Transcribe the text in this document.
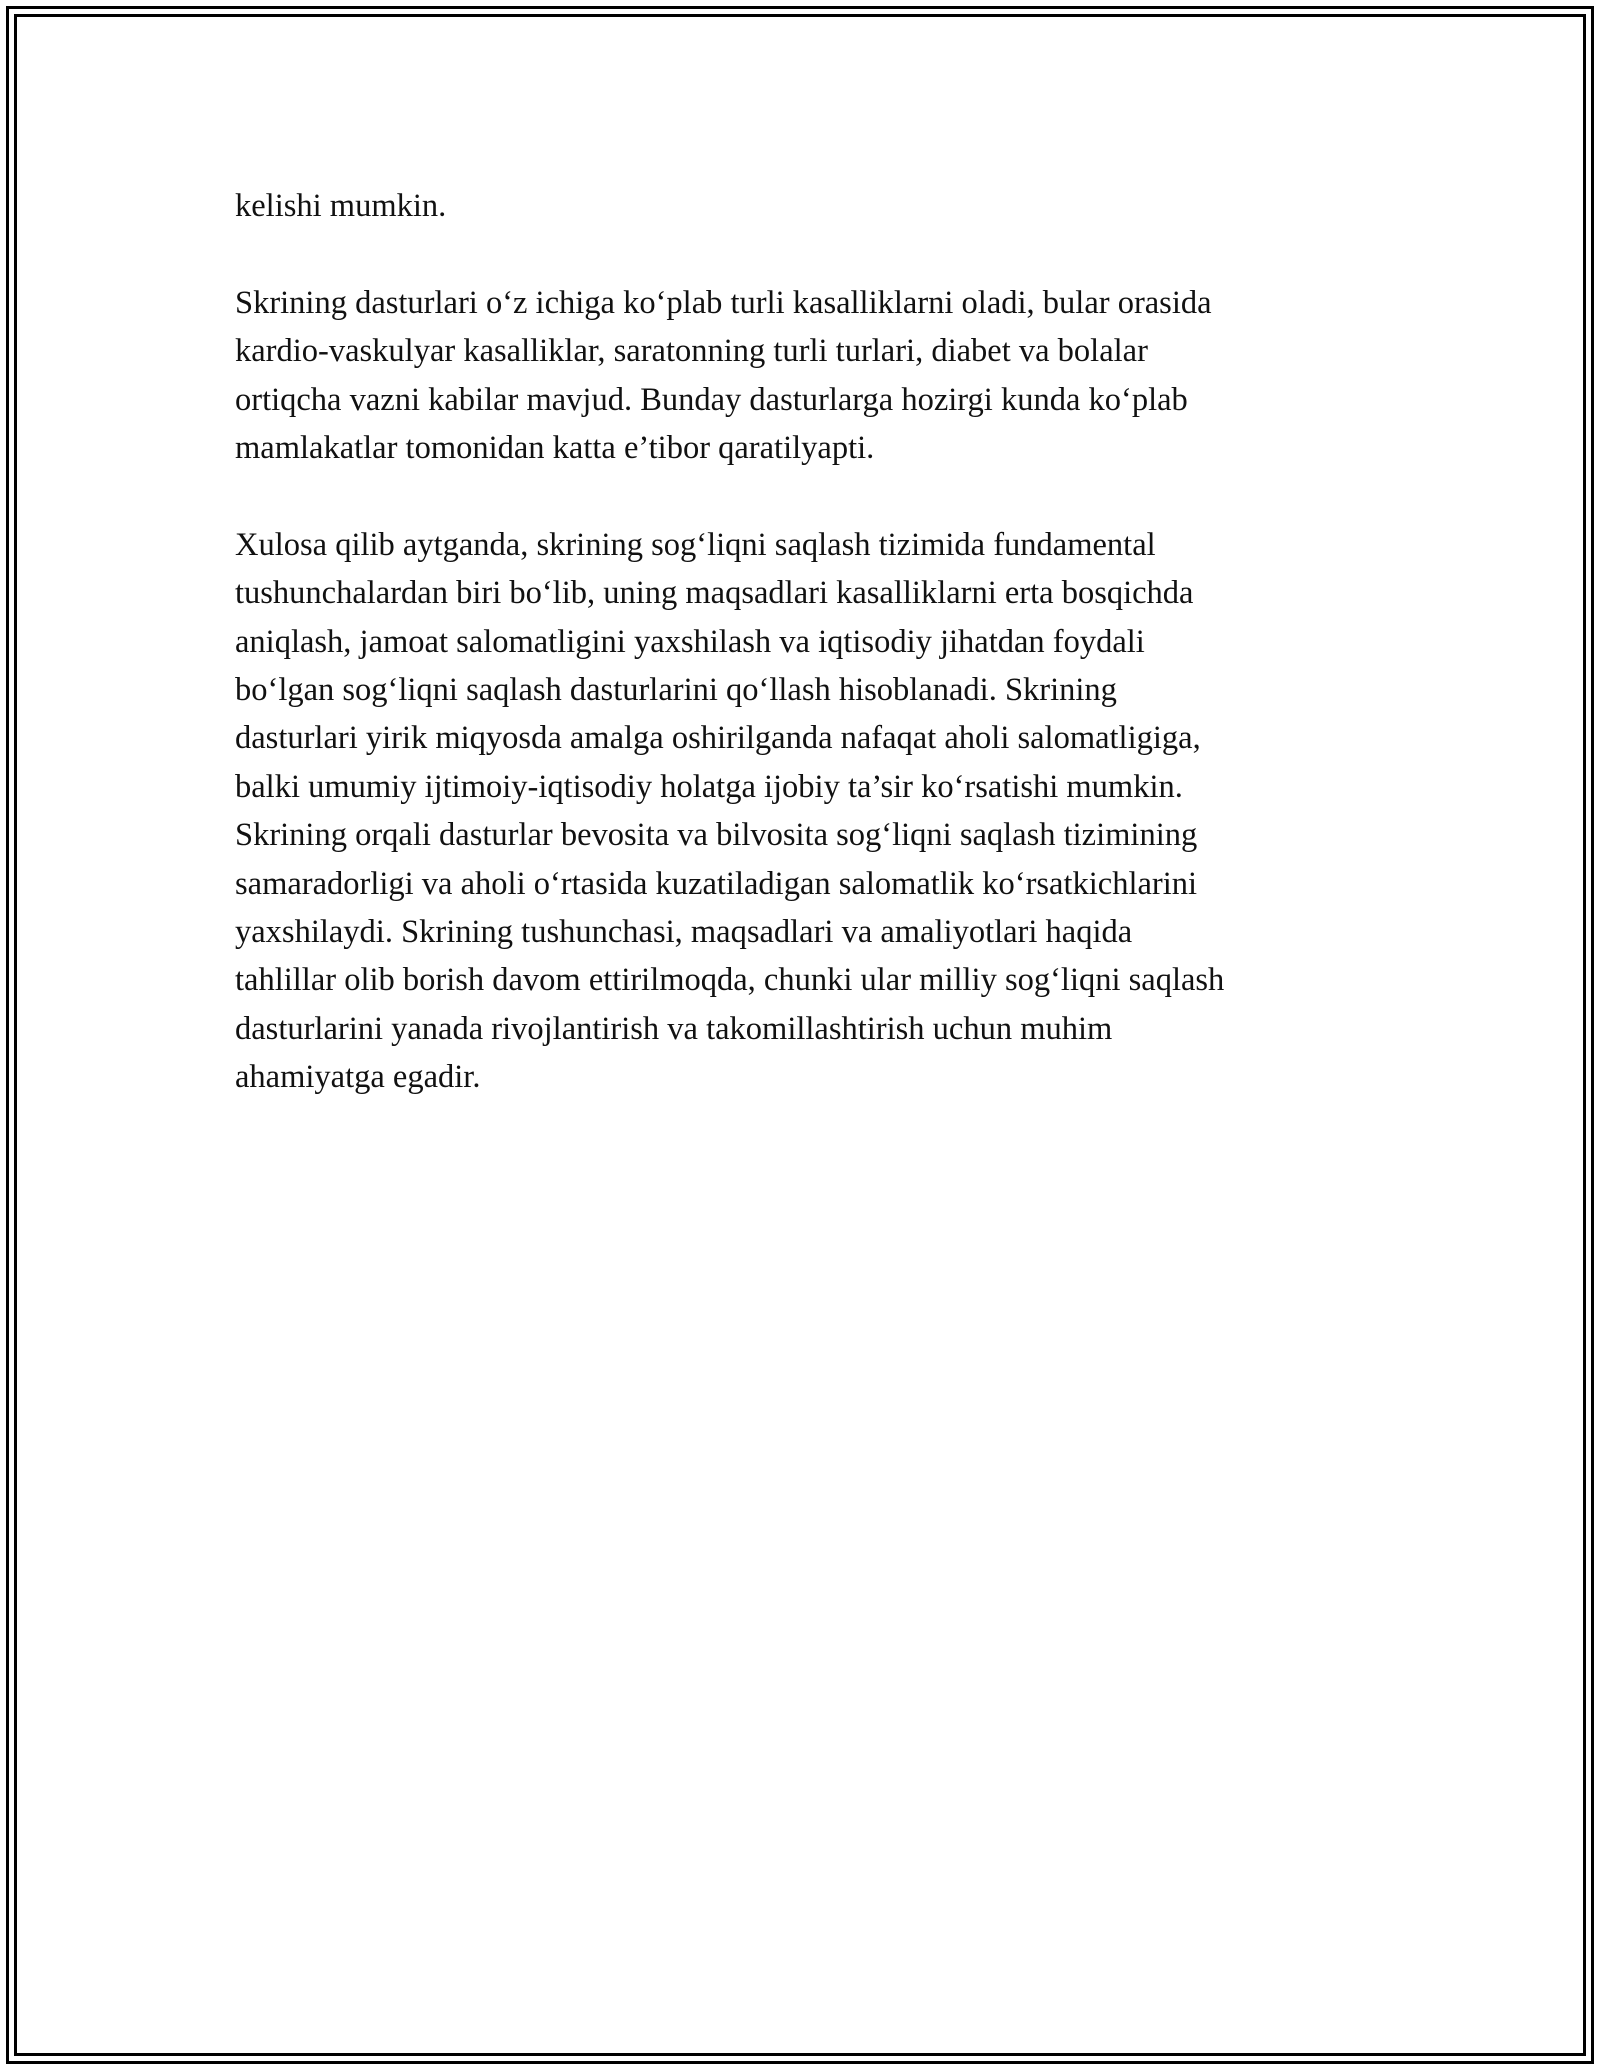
kelishi mumkin.

Skrining dasturlari o‘z ichiga ko‘plab turli kasalliklarni oladi, bular orasida
kardio-vaskulyar kasalliklar, saratonning turli turlari, diabet va bolalar
ortiqcha vazni kabilar mavjud. Bunday dasturlarga hozirgi kunda ko‘plab
mamlakatlar tomonidan katta e’tibor qaratilyapti.

Xulosa qilib aytganda, skrining sog‘liqni saqlash tizimida fundamental
tushunchalardan biri bo‘lib, uning maqsadlari kasalliklarni erta bosqichda
aniqlash, jamoat salomatligini yaxshilash va iqtisodiy jihatdan foydali
bo‘lgan sog‘liqni saqlash dasturlarini qo‘llash hisoblanadi. Skrining
dasturlari yirik miqyosda amalga oshirilganda nafaqat aholi salomatligiga,
balki umumiy ijtimoiy-iqtisodiy holatga ijobiy ta’sir ko‘rsatishi mumkin.
Skrining orqali dasturlar bevosita va bilvosita sog‘liqni saqlash tizimining
samaradorligi va aholi o‘rtasida kuzatiladigan salomatlik ko‘rsatkichlarini
yaxshilaydi. Skrining tushunchasi, maqsadlari va amaliyotlari haqida
tahlillar olib borish davom ettirilmoqda, chunki ular milliy sog‘liqni saqlash
dasturlarini yanada rivojlantirish va takomillashtirish uchun muhim
ahamiyatga egadir.
